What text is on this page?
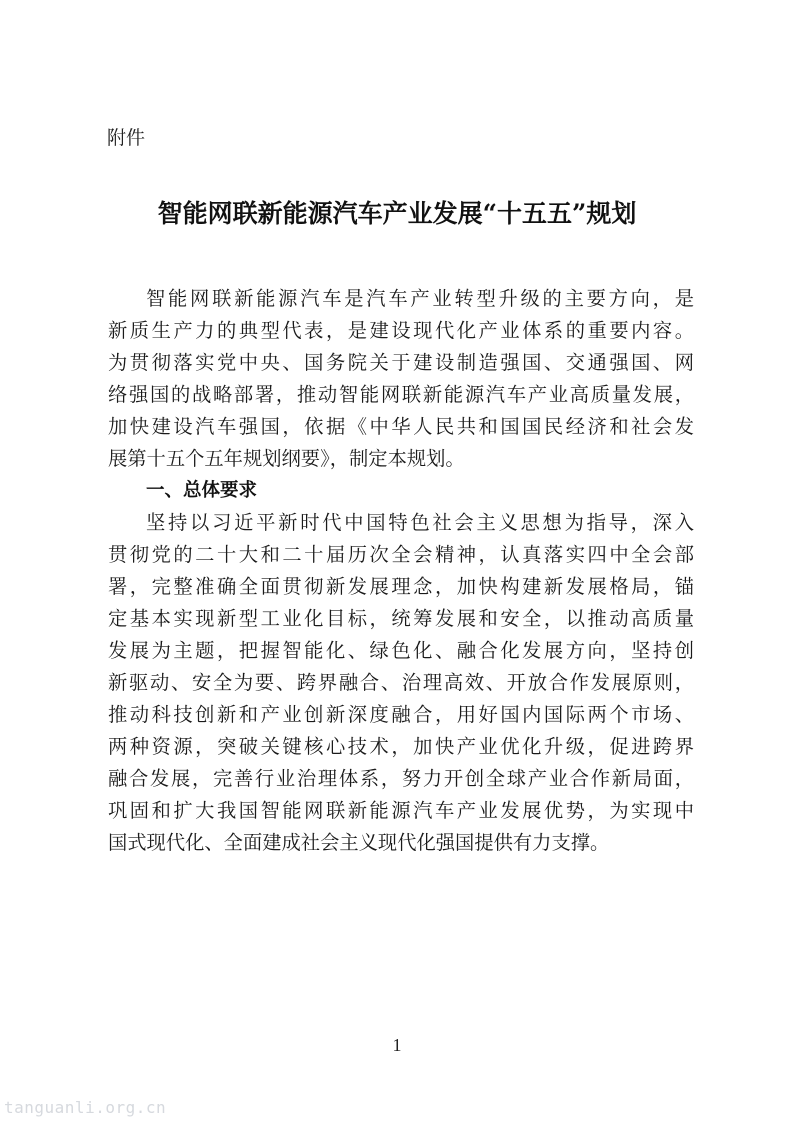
附件
智能网联新能源汽车产业发展“十五五”规划
智能网联新能源汽车是汽车产业转型升级的主要方向，是
新质生产力的典型代表，是建设现代化产业体系的重要内容。
为贯彻落实党中央、国务院关于建设制造强国、交通强国、网
络强国的战略部署，推动智能网联新能源汽车产业高质量发展，
加快建设汽车强国，依据《中华人民共和国国民经济和社会发
展第十五个五年规划纲要》，制定本规划。
一、总体要求
坚持以习近平新时代中国特色社会主义思想为指导，深入
贯彻党的二十大和二十届历次全会精神，认真落实四中全会部
署，完整准确全面贯彻新发展理念，加快构建新发展格局，锚
定基本实现新型工业化目标，统筹发展和安全，以推动高质量
发展为主题，把握智能化、绿色化、融合化发展方向，坚持创
新驱动、安全为要、跨界融合、治理高效、开放合作发展原则，
推动科技创新和产业创新深度融合，用好国内国际两个市场、
两种资源，突破关键核心技术，加快产业优化升级，促进跨界
融合发展，完善行业治理体系，努力开创全球产业合作新局面，
巩固和扩大我国智能网联新能源汽车产业发展优势，为实现中
国式现代化、全面建成社会主义现代化强国提供有力支撑。
1
tanguanli.org.cn
